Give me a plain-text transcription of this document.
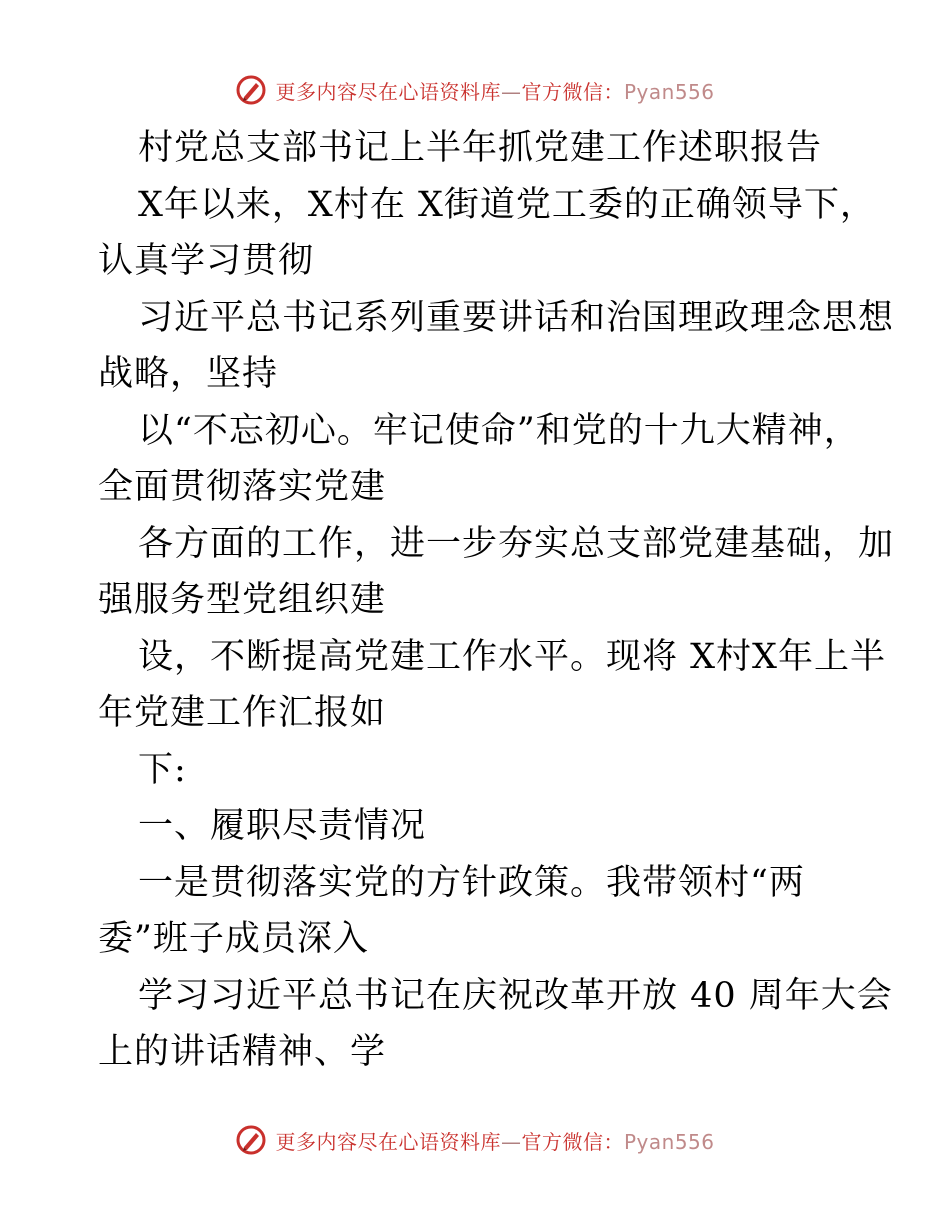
更多内容尽在心语资料库—官方微信：Pyan556
村党总支部书记上半年抓党建工作述职报告
X年以来，X村在 X街道党工委的正确领导下，
认真学习贯彻
习近平总书记系列重要讲话和治国理政理念思想
战略，坚持
以“不忘初心。牢记使命”和党的十九大精神，
全面贯彻落实党建
各方面的工作，进一步夯实总支部党建基础，加
强服务型党组织建
设，不断提高党建工作水平。现将 X村X年上半
年党建工作汇报如
下:
一、履职尽责情况
一是贯彻落实党的方针政策。我带领村“两
委”班子成员深入
学习习近平总书记在庆祝改革开放 40 周年大会
上的讲话精神、学
更多内容尽在心语资料库—官方微信：Pyan556
